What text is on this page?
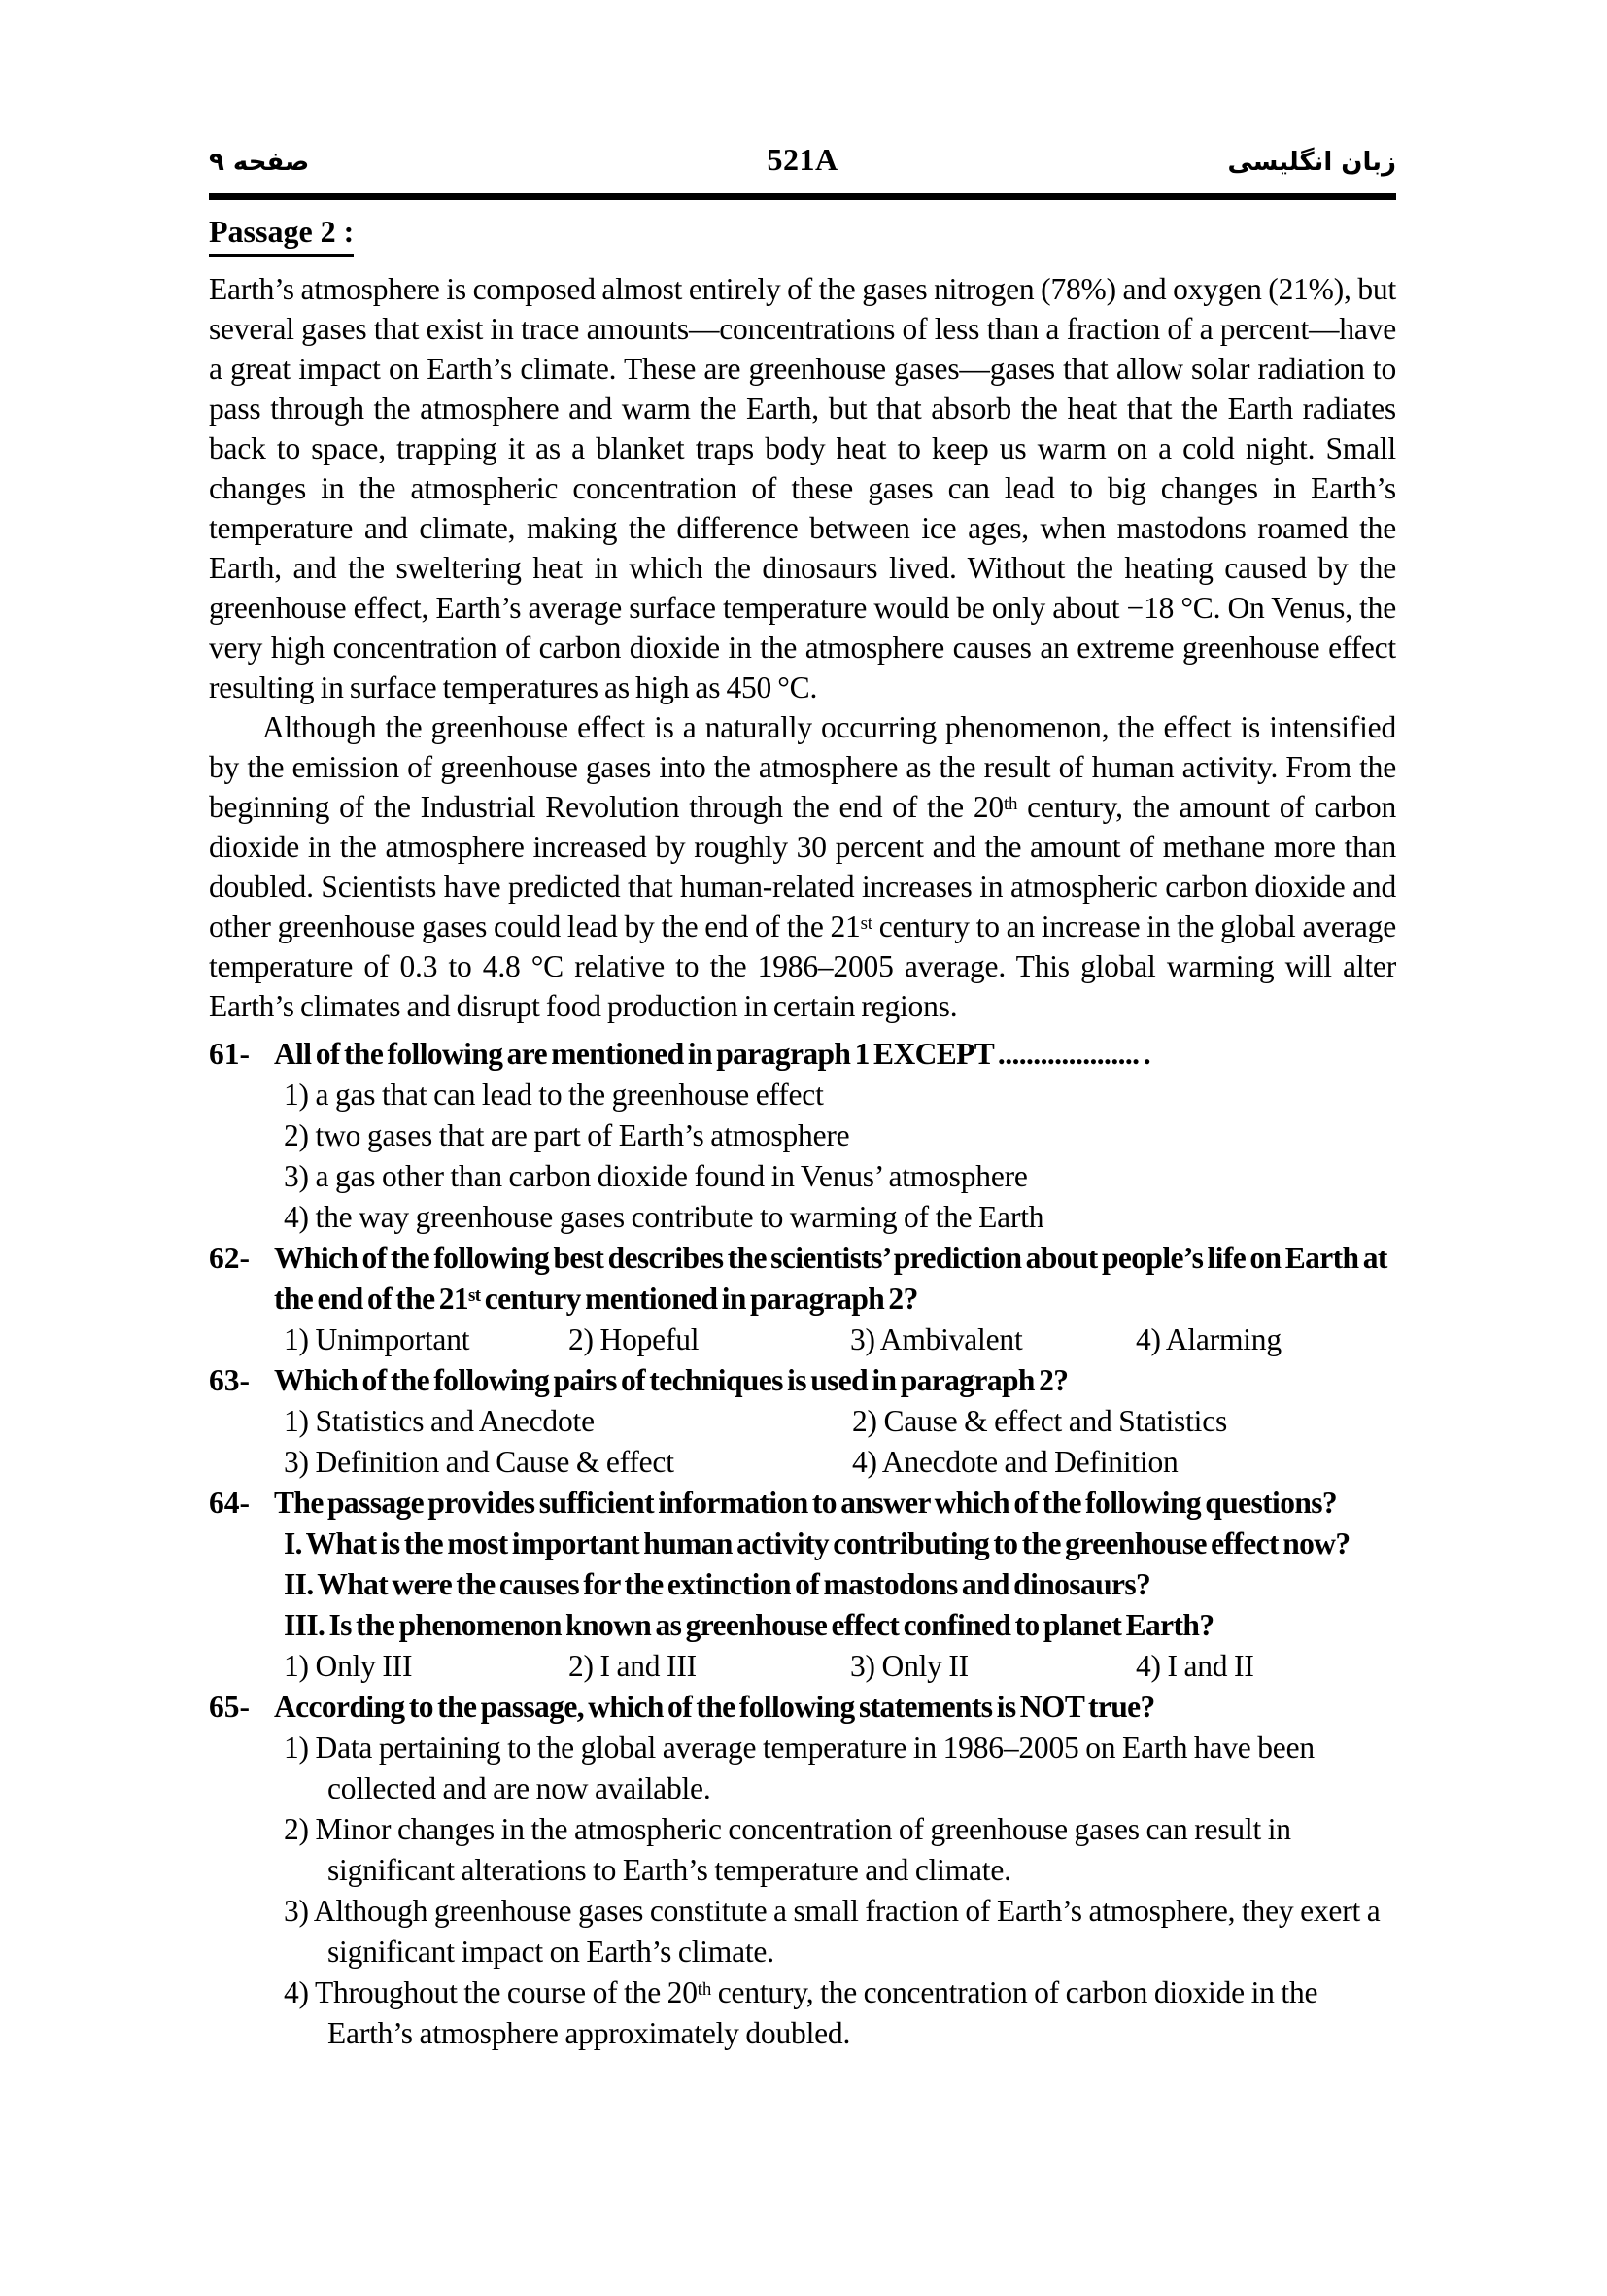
صفحه ۹	521A	زبان انگلیسی
Passage 2 :

Earth’s atmosphere is composed almost entirely of the gases nitrogen (78%) and oxygen (21%), but several gases that exist in trace amounts—concentrations of less than a fraction of a percent—have a great impact on Earth’s climate. These are greenhouse gases—gases that allow solar radiation to pass through the atmosphere and warm the Earth, but that absorb the heat that the Earth radiates back to space, trapping it as a blanket traps body heat to keep us warm on a cold night. Small changes in the atmospheric concentration of these gases can lead to big changes in Earth’s temperature and climate, making the difference between ice ages, when mastodons roamed the Earth, and the sweltering heat in which the dinosaurs lived. Without the heating caused by the greenhouse effect, Earth’s average surface temperature would be only about −18 °C. On Venus, the very high concentration of carbon dioxide in the atmosphere causes an extreme greenhouse effect resulting in surface temperatures as high as 450 °C.

Although the greenhouse effect is a naturally occurring phenomenon, the effect is intensified by the emission of greenhouse gases into the atmosphere as the result of human activity. From the beginning of the Industrial Revolution through the end of the 20th century, the amount of carbon dioxide in the atmosphere increased by roughly 30 percent and the amount of methane more than doubled. Scientists have predicted that human-related increases in atmospheric carbon dioxide and other greenhouse gases could lead by the end of the 21st century to an increase in the global average temperature of 0.3 to 4.8 °C relative to the 1986–2005 average. This global warming will alter Earth’s climates and disrupt food production in certain regions.

61- All of the following are mentioned in paragraph 1 EXCEPT .................... .
1) a gas that can lead to the greenhouse effect
2) two gases that are part of Earth’s atmosphere
3) a gas other than carbon dioxide found in Venus’ atmosphere
4) the way greenhouse gases contribute to warming of the Earth
62- Which of the following best describes the scientists’ prediction about people’s life on Earth at the end of the 21st century mentioned in paragraph 2?
1) Unimportant	2) Hopeful	3) Ambivalent	4) Alarming
63- Which of the following pairs of techniques is used in paragraph 2?
1) Statistics and Anecdote	2) Cause & effect and Statistics
3) Definition and Cause & effect	4) Anecdote and Definition
64- The passage provides sufficient information to answer which of the following questions?
I. What is the most important human activity contributing to the greenhouse effect now?
II. What were the causes for the extinction of mastodons and dinosaurs?
III. Is the phenomenon known as greenhouse effect confined to planet Earth?
1) Only III	2) I and III	3) Only II	4) I and II
65- According to the passage, which of the following statements is NOT true?
1) Data pertaining to the global average temperature in 1986–2005 on Earth have been collected and are now available.
2) Minor changes in the atmospheric concentration of greenhouse gases can result in significant alterations to Earth’s temperature and climate.
3) Although greenhouse gases constitute a small fraction of Earth’s atmosphere, they exert a significant impact on Earth’s climate.
4) Throughout the course of the 20th century, the concentration of carbon dioxide in the Earth’s atmosphere approximately doubled.
